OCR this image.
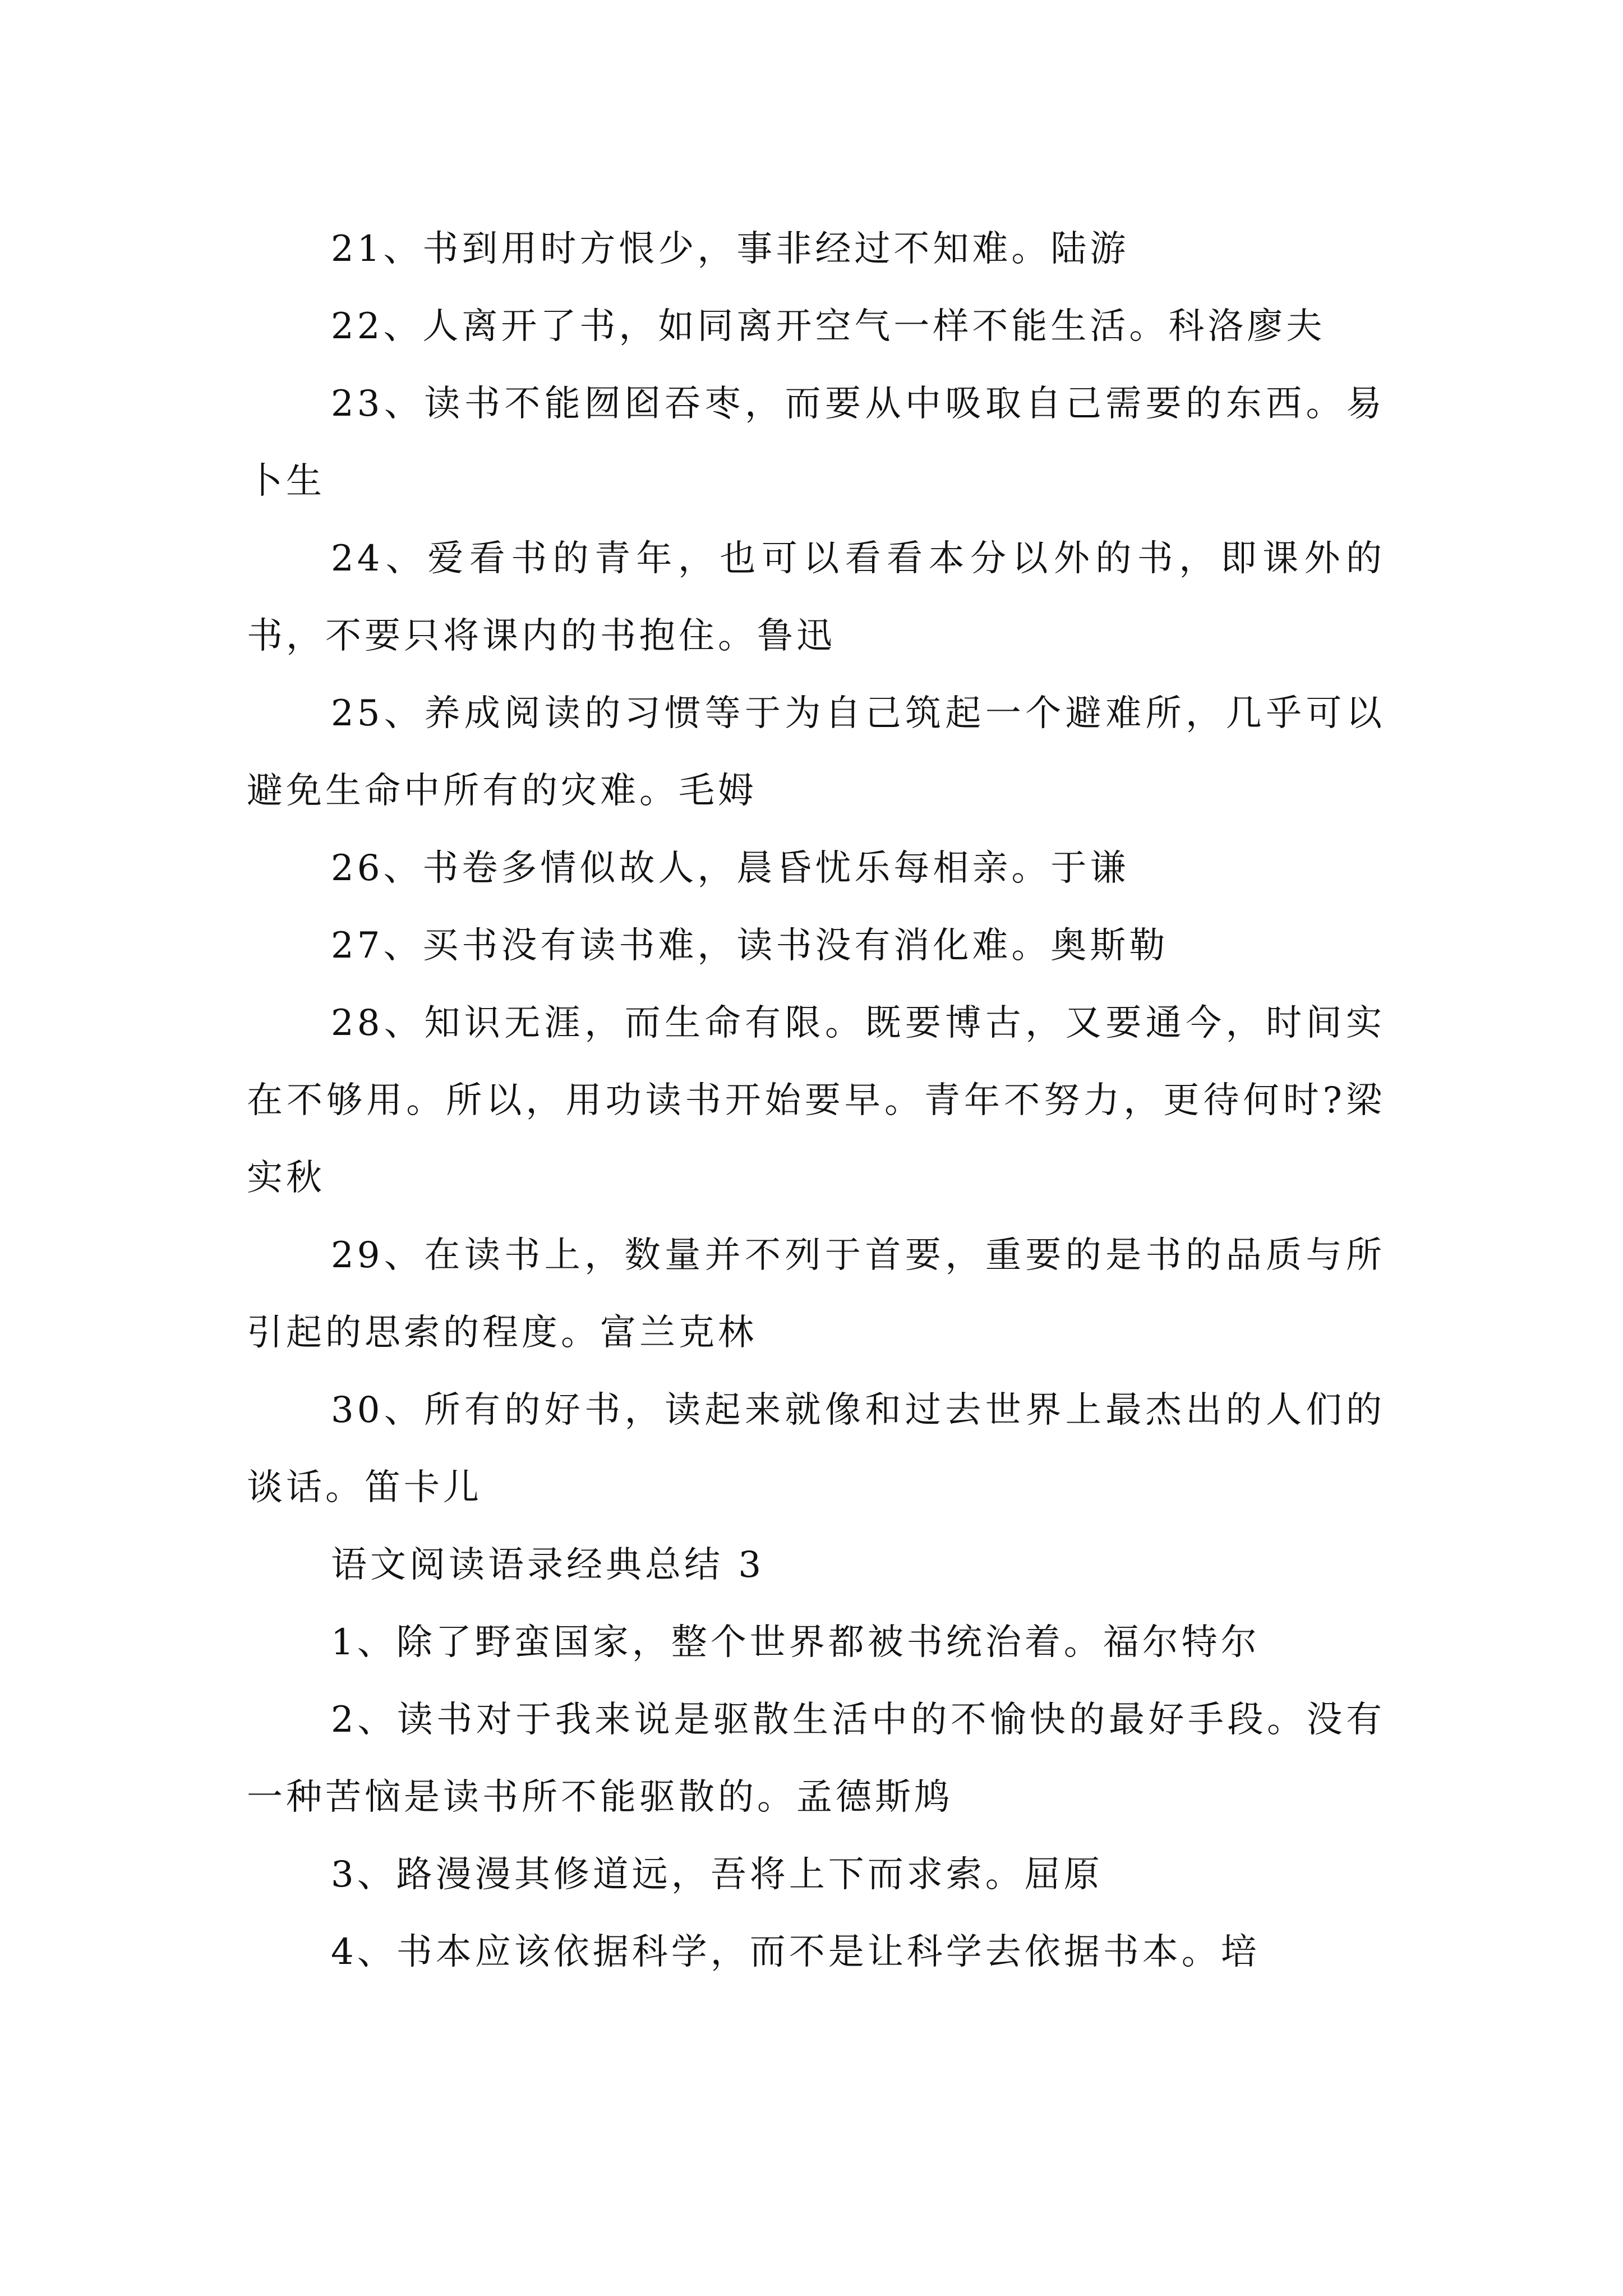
21、书到用时方恨少，事非经过不知难。陆游

22、人离开了书，如同离开空气一样不能生活。科洛廖夫

23、读书不能囫囵吞枣，而要从中吸取自己需要的东西。易卜生

24、爱看书的青年，也可以看看本分以外的书，即课外的书，不要只将课内的书抱住。鲁迅

25、养成阅读的习惯等于为自己筑起一个避难所，几乎可以避免生命中所有的灾难。毛姆

26、书卷多情似故人，晨昏忧乐每相亲。于谦

27、买书没有读书难，读书没有消化难。奥斯勒

28、知识无涯，而生命有限。既要博古，又要通今，时间实在不够用。所以，用功读书开始要早。青年不努力，更待何时?梁实秋

29、在读书上，数量并不列于首要，重要的是书的品质与所引起的思索的程度。富兰克林

30、所有的好书，读起来就像和过去世界上最杰出的人们的谈话。笛卡儿

语文阅读语录经典总结 3

1、除了野蛮国家，整个世界都被书统治着。福尔特尔

2、读书对于我来说是驱散生活中的不愉快的最好手段。没有一种苦恼是读书所不能驱散的。孟德斯鸠

3、路漫漫其修道远，吾将上下而求索。屈原

4、书本应该依据科学，而不是让科学去依据书本。培
